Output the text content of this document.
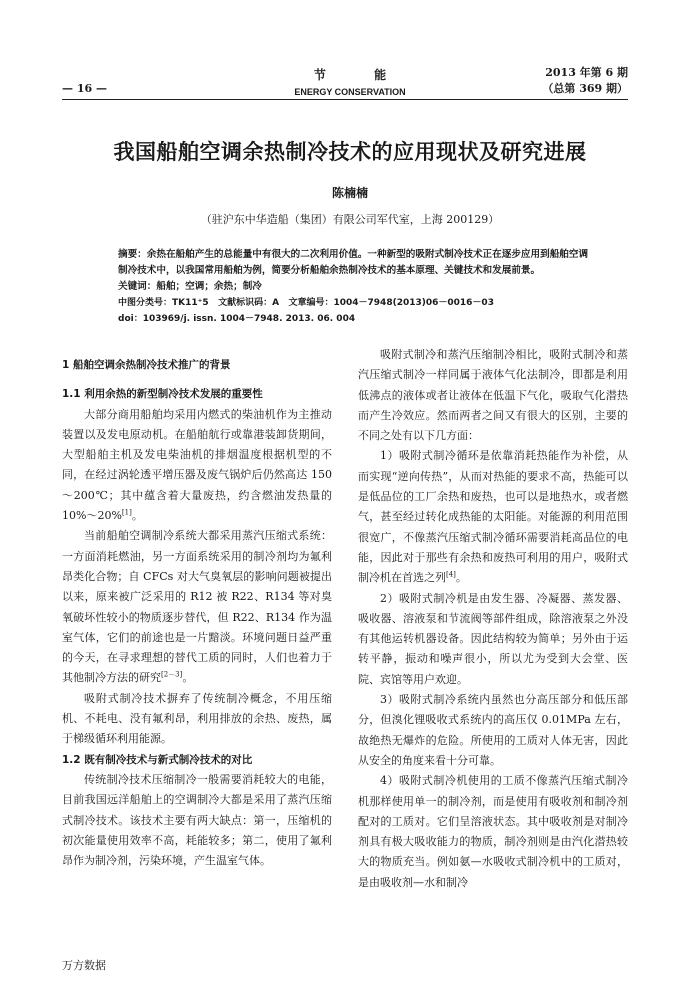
节 能
ENERGY CONSERVATION
2013 年第 6 期
（总第 369 期）
— 16 —
我国船舶空调余热制冷技术的应用现状及研究进展
陈楠楠
（驻沪东中华造船（集团）有限公司军代室，上海 200129）
摘要：余热在船舶产生的总能量中有很大的二次利用价值。一种新型的吸附式制冷技术正在逐步应用到船舶空调制冷技术中，以我国常用船舶为例，简要分析船舶余热制冷技术的基本原理、关键技术和发展前景。
关键词：船舶；空调；余热；制冷
中图分类号：TK11⁺5 文献标识码：A 文章编号：1004－7948(2013)06－0016－03
doi：103969/j. issn. 1004－7948. 2013. 06. 004
1 船舶空调余热制冷技术推广的背景
1.1 利用余热的新型制冷技术发展的重要性

大部分商用船舶均采用内燃式的柴油机作为主推动装置以及发电原动机。在船舶航行或靠港装卸货期间，大型船舶主机及发电柴油机的排烟温度根据机型的不同，在经过涡轮透平增压器及废气锅炉后仍然高达 150～200℃；其中蕴含着大量废热，约含燃油发热量的 10%～20%[1]。

当前船舶空调制冷系统大都采用蒸汽压缩式系统：一方面消耗燃油，另一方面系统采用的制冷剂均为氟利昂类化合物；自 CFCs 对大气臭氧层的影响问题被提出以来，原来被广泛采用的 R12 被 R22、R134 等对臭氧破坏性较小的物质逐步替代，但 R22、R134 作为温室气体，它们的前途也是一片黯淡。环境问题日益严重的今天，在寻求理想的替代工质的同时，人们也着力于其他制冷方法的研究[2－3]。

吸附式制冷技术摒弃了传统制冷概念，不用压缩机、不耗电、没有氟利昂，利用排放的余热、废热，属于梯级循环利用能源。

1.2 既有制冷技术与新式制冷技术的对比

传统制冷技术压缩制冷一般需要消耗较大的电能，目前我国远洋船舶上的空调制冷大都是采用了蒸汽压缩式制冷技术。该技术主要有两大缺点：第一，压缩机的初次能量使用效率不高，耗能较多；第二，使用了氟利昂作为制冷剂，污染环境，产生温室气体。

吸附式制冷和蒸汽压缩制冷相比，吸附式制冷和蒸汽压缩式制冷一样同属于液体气化法制冷，即都是利用低沸点的液体或者让液体在低温下气化，吸取气化潜热而产生冷效应。然而两者之间又有很大的区别，主要的不同之处有以下几方面：

1）吸附式制冷循环是依靠消耗热能作为补偿，从而实现“逆向传热”，从而对热能的要求不高，热能可以是低品位的工厂余热和废热，也可以是地热水，或者燃气，甚至经过转化成热能的太阳能。对能源的利用范围很宽广，不像蒸汽压缩式制冷循环需要消耗高品位的电能，因此对于那些有余热和废热可利用的用户，吸附式制冷机在首选之列[4]。

2）吸附式制冷机是由发生器、冷凝器、蒸发器、吸收器、溶液泵和节流阀等部件组成，除溶液泵之外没有其他运转机器设备。因此结构较为简单；另外由于运转平静，振动和噪声很小，所以尤为受到大会堂、医院、宾馆等用户欢迎。

3）吸附式制冷系统内虽然也分高压部分和低压部分，但溴化锂吸收式系统内的高压仅 0.01MPa 左右，故绝热无爆炸的危险。所使用的工质对人体无害，因此从安全的角度来看十分可靠。

4）吸附式制冷机使用的工质不像蒸汽压缩式制冷机那样使用单一的制冷剂，而是使用有吸收剂和制冷剂配对的工质对。它们呈溶液状态。其中吸收剂是对制冷剂具有极大吸收能力的物质，制冷剂则是由汽化潜热较大的物质充当。例如氨—水吸收式制冷机中的工质对，是由吸收剂—水和制冷

万方数据
